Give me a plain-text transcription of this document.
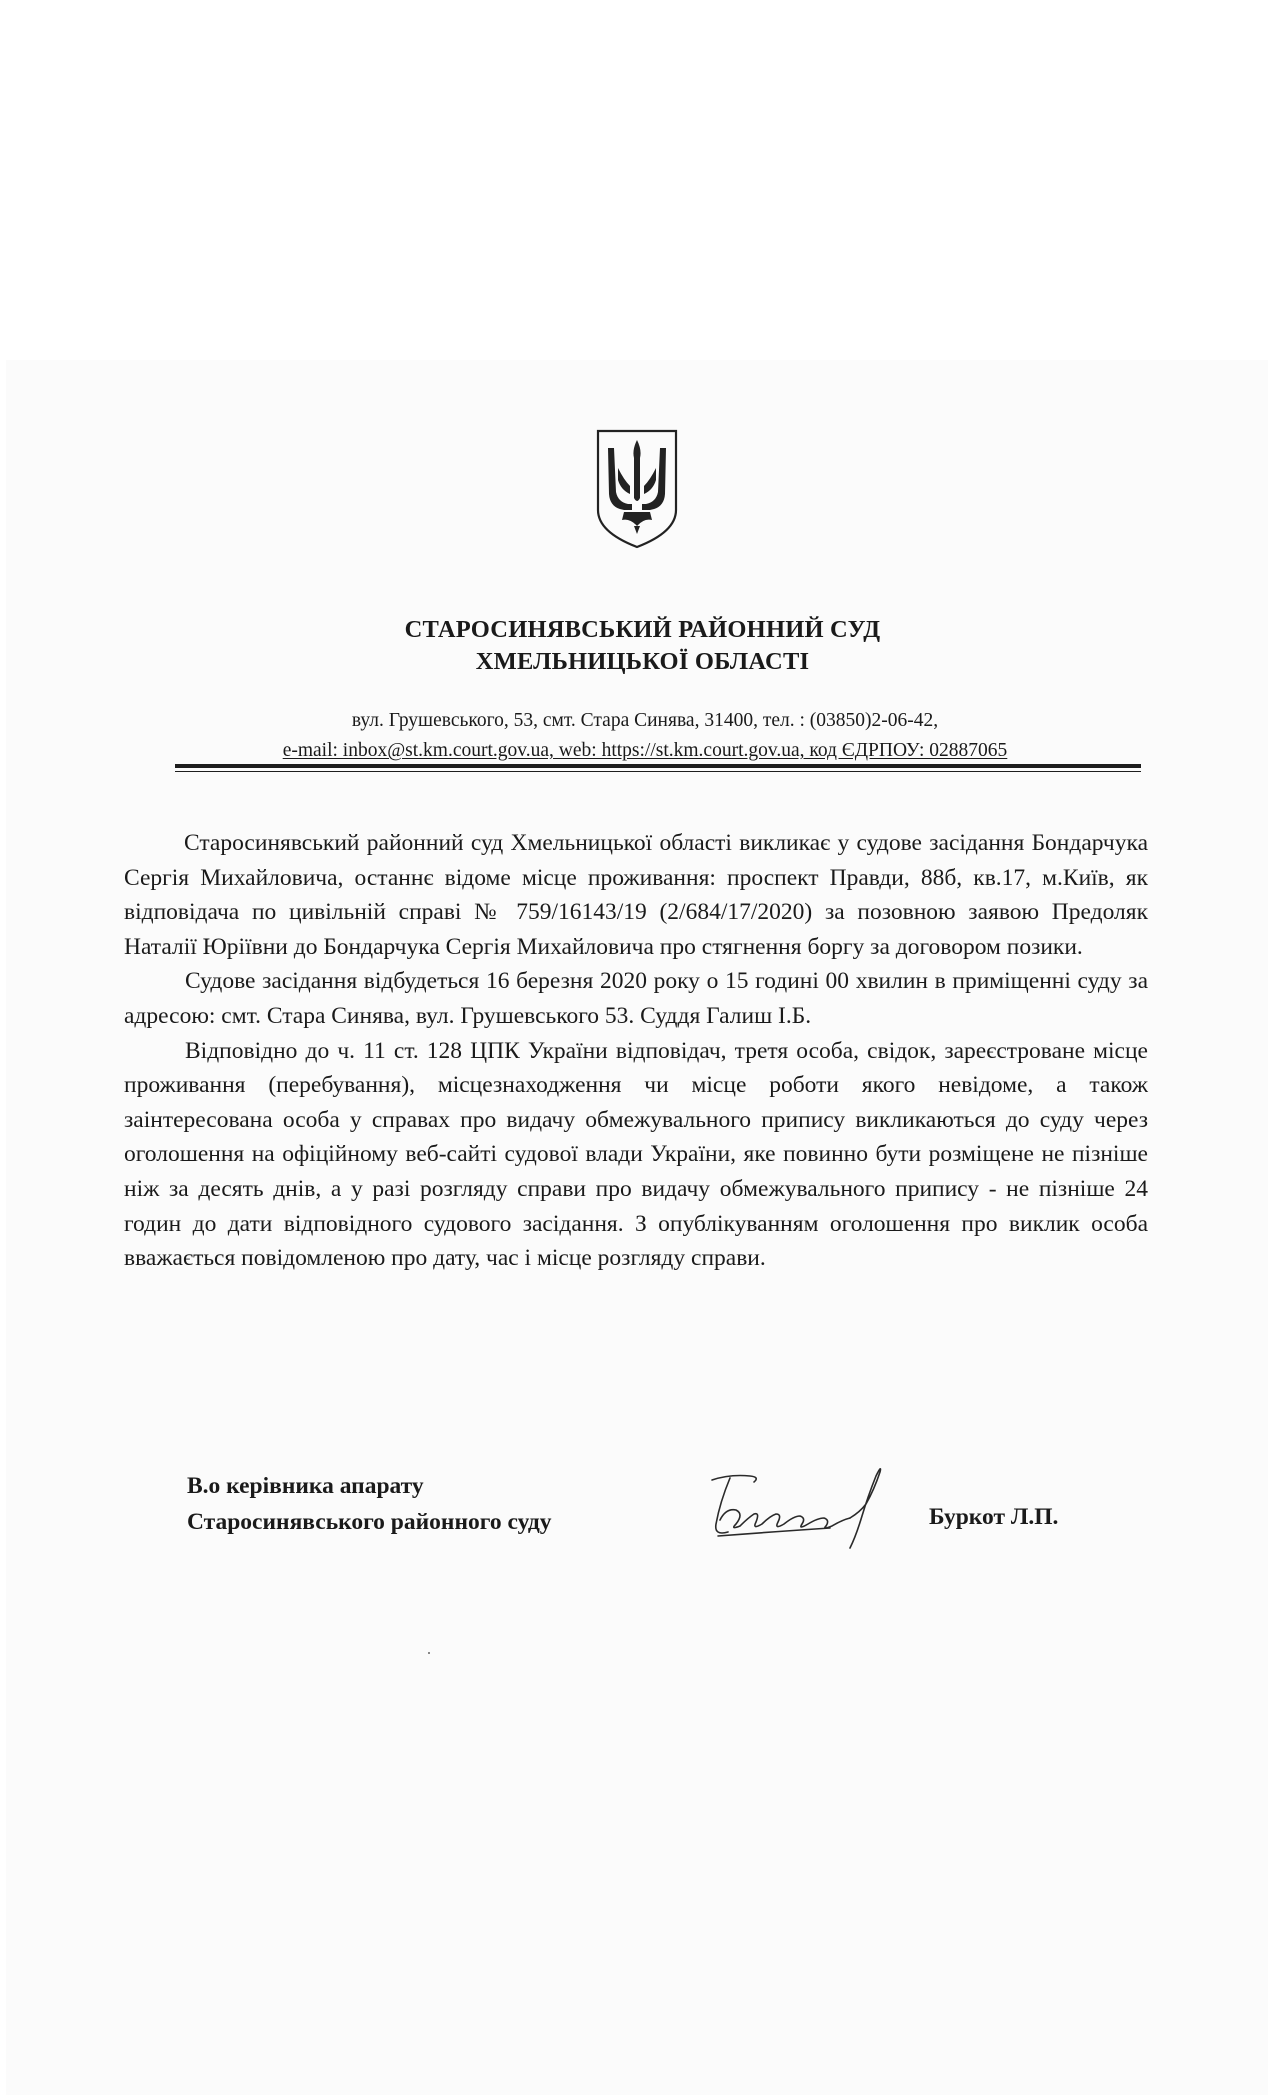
СТАРОСИНЯВСЬКИЙ РАЙОННИЙ СУД
ХМЕЛЬНИЦЬКОЇ ОБЛАСТІ
вул. Грушевського, 53, смт. Стара Синява, 31400, тел. : (03850)2-06-42,
e-mail: inbox@st.km.court.gov.ua, web: https://st.km.court.gov.ua, код ЄДРПОУ: 02887065

Старосинявський районний суд Хмельницької області викликає у судове засідання Бондарчука Сергія Михайловича, останнє відоме місце проживання: проспект Правди, 88б, кв.17, м.Київ, як відповідача по цивільній справі № 759/16143/19 (2/684/17/2020) за позовною заявою Предоляк Наталії Юріївни до Бондарчука Сергія Михайловича про стягнення боргу за договором позики.

Судове засідання відбудеться 16 березня 2020 року о 15 годині 00 хвилин в приміщенні суду за адресою: смт. Стара Синява, вул. Грушевського 53. Суддя Галиш І.Б.

Відповідно до ч. 11 ст. 128 ЦПК України відповідач, третя особа, свідок, зареєстроване місце проживання (перебування), місцезнаходження чи місце роботи якого невідоме, а також заінтересована особа у справах про видачу обмежувального припису викликаються до суду через оголошення на офіційному веб-сайті судової влади України, яке повинно бути розміщене не пізніше ніж за десять днів, а у разі розгляду справи про видачу обмежувального припису - не пізніше 24 годин до дати відповідного судового засідання. З опублікуванням оголошення про виклик особа вважається повідомленою про дату, час і місце розгляду справи.

В.о керівника апарату
Старосинявського районного суду	Буркот Л.П.
